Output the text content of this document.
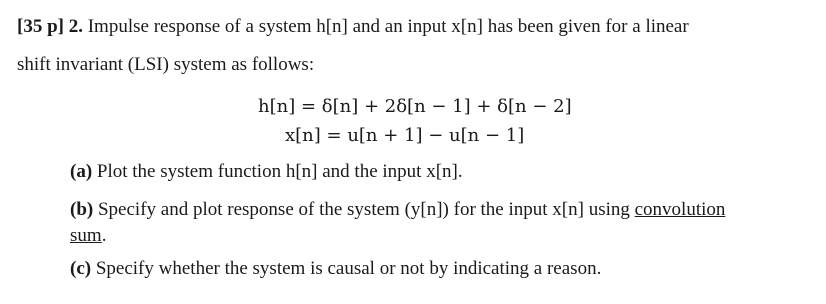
[35 p] 2. Impulse response of a system h[n] and an input x[n] has been given for a linear
shift invariant (LSI) system as follows:
h[n] = δ[n] + 2δ[n − 1] + δ[n − 2]
x[n] = u[n + 1] − u[n − 1]
(a) Plot the system function h[n] and the input x[n].
(b) Specify and plot response of the system (y[n]) for the input x[n] using convolution
sum.
(c) Specify whether the system is causal or not by indicating a reason.
